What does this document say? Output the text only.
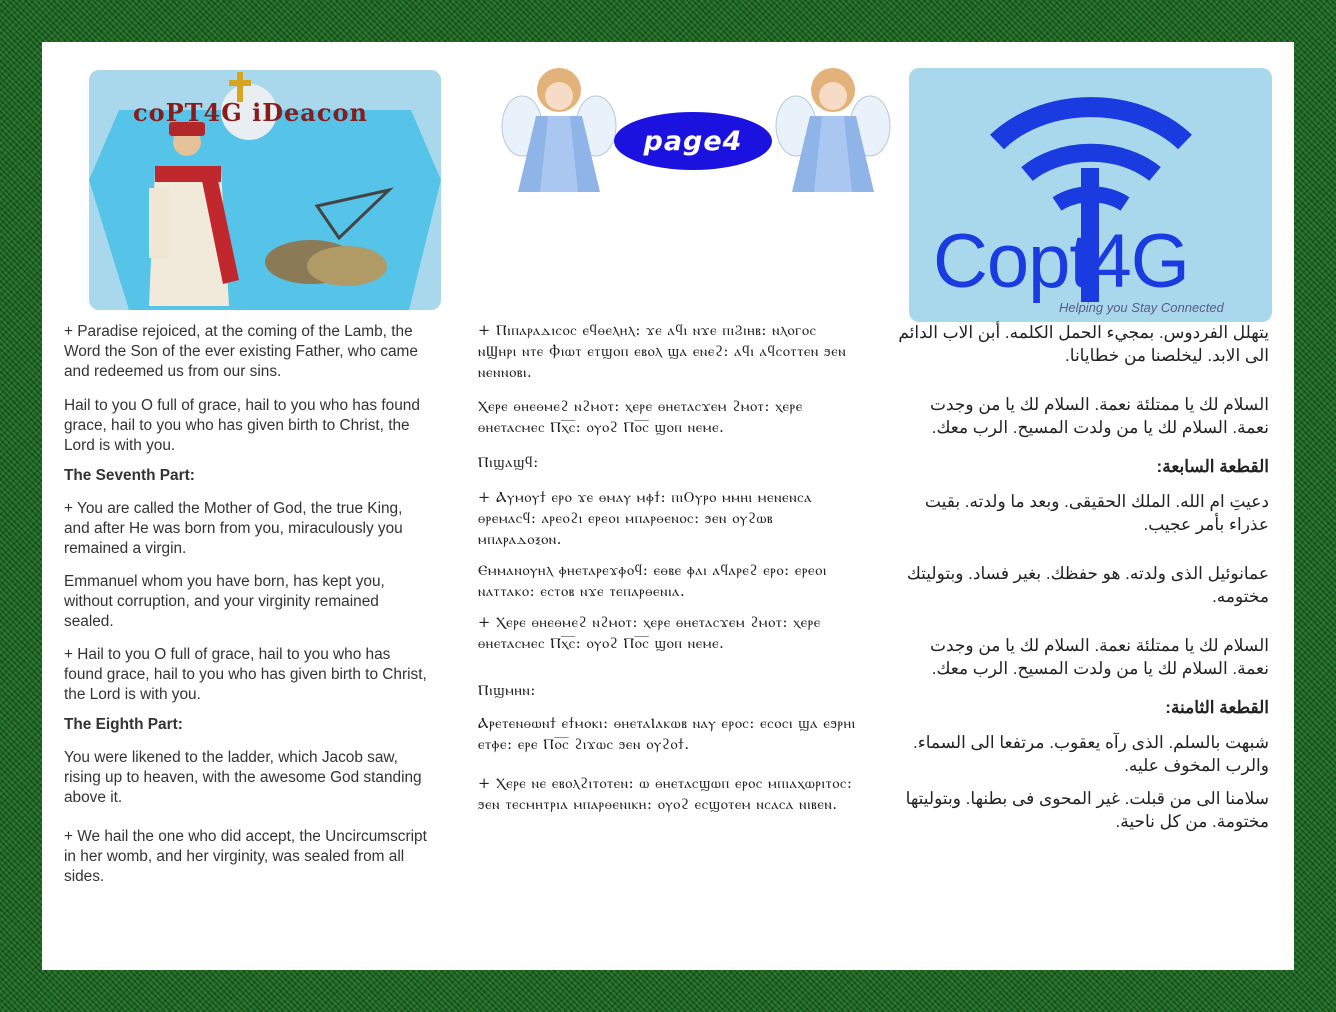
coPT4G iDeacon
page4
Copt4G
Helping you Stay Connected

+ Paradise rejoiced, at the coming of the Lamb, the Word the Son of the ever existing Father, who came and redeemed us from our sins.

Hail to you O full of grace, hail to you who has found grace, hail to you who has given birth to Christ, the Lord is with you.

The Seventh Part:

+ You are called the Mother of God, the true King, and after He was born from you, miraculously you remained a virgin.

Emmanuel whom you have born, has kept you, without corruption, and your virginity remained sealed.

+ Hail to you O full of grace, hail to you who has found grace, hail to you who has given birth to Christ, the Lord is with you.

The Eighth Part:

You were likened to the ladder, which Jacob saw, rising up to heaven, with the awesome God standing above it.

+ We hail the one who did accept, the Uncircumscript in her womb, and her virginity, was sealed from all sides.

+ Ⲡⲓⲡⲁⲣⲁⲇⲓⲥⲟⲥ ⲉϥⲑⲉⲗⲏⲗ: ϫⲉ ⲁϥⲓ ⲛϫⲉ ⲡⲓϨⲓⲏⲃ: ⲛⲗⲟⲅⲟⲥ ⲛϢⲏⲣⲓ ⲛⲧⲉ Ⲫⲓⲱⲧ ⲉⲧϣⲟⲡ ⲉⲃⲟⲗ ϣⲁ ⲉⲛⲉϩ: ⲁϥⲓ ⲁϥⲥⲟⲧⲧⲉⲛ ϧⲉⲛ ⲛⲉⲛⲛⲟⲃⲓ.

Ⲭⲉⲣⲉ ⲑⲏⲉⲑⲙⲉϩ ⲛϩⲙⲟⲧ: ⲭⲉⲣⲉ ⲑⲏⲉⲧⲁⲥϫⲉⲙ ϩⲙⲟⲧ: ⲭⲉⲣⲉ ⲑⲏⲉⲧⲁⲥⲙⲉⲥ Ⲡⲭ̅ⲥ̅: ⲟⲩⲟϩ Ⲡⲟ̅ⲥ̅ ϣⲟⲡ ⲛⲉⲙⲉ.

Ⲡⲓϣⲁϣϥ:

+ Ⲁⲩⲙⲟⲩϯ ⲉⲣⲟ ϫⲉ ⲑⲙⲁⲩ ⲙⲫϯ: ⲡⲓⲞⲩⲣⲟ ⲙⲙⲏⲓ ⲙⲉⲛⲉⲛⲥⲁ ⲑⲣⲉⲙⲁⲥϥ: ⲁⲣⲉⲟϩⲓ ⲉⲣⲉⲟⲓ ⲙⲡⲁⲣⲑⲉⲛⲟⲥ: ϧⲉⲛ ⲟⲩϩⲱⲃ ⲙⲡⲁⲣⲁⲇⲟⲝⲟⲛ.

Ⲉⲙⲙⲁⲛⲟⲩⲏⲗ ⲫⲏⲉⲧⲁⲣⲉϫⲫⲟϥ: ⲉⲑⲃⲉ ⲫⲁⲓ ⲁϥⲁⲣⲉϩ ⲉⲣⲟ: ⲉⲣⲉⲟⲓ ⲛⲁⲧⲧⲁⲕⲟ: ⲉⲥⲧⲟⲃ ⲛϫⲉ ⲧⲉⲡⲁⲣⲑⲉⲛⲓⲁ.

+ Ⲭⲉⲣⲉ ⲑⲏⲉⲑⲙⲉϩ ⲛϩⲙⲟⲧ: ⲭⲉⲣⲉ ⲑⲏⲉⲧⲁⲥϫⲉⲙ ϩⲙⲟⲧ: ⲭⲉⲣⲉ ⲑⲏⲉⲧⲁⲥⲙⲉⲥ Ⲡⲭ̅ⲥ̅: ⲟⲩⲟϩ Ⲡⲟ̅ⲥ̅ ϣⲟⲡ ⲛⲉⲙⲉ.

Ⲡⲓϣⲙⲏⲛ:

Ⲁⲣⲉⲧⲉⲛⲑⲱⲛϯ ⲉϯⲙⲟⲕⲓ: ⲑⲏⲉⲧⲁⲒⲁⲕⲱⲃ ⲛⲁⲩ ⲉⲣⲟⲥ: ⲉⲥⲟⲥⲓ ϣⲁ ⲉϧⲣⲏⲓ ⲉⲧⲫⲉ: ⲉⲣⲉ Ⲡⲟ̅ⲥ̅ ϩⲓϫⲱⲥ ϧⲉⲛ ⲟⲩϩⲟϯ.

+ Ⲭⲉⲣⲉ ⲛⲉ ⲉⲃⲟⲗϩⲓⲧⲟⲧⲉⲛ: ⲱ ⲑⲏⲉⲧⲁⲥϣⲱⲡ ⲉⲣⲟⲥ ⲙⲡⲓⲁⲭⲱⲣⲓⲧⲟⲥ: ϧⲉⲛ ⲧⲉⲥⲙⲏⲧⲣⲓⲁ ⲙⲡⲁⲣⲑⲉⲛⲓⲕⲏ: ⲟⲩⲟϩ ⲉⲥϣⲟⲧⲉⲙ ⲛⲥⲁⲥⲁ ⲛⲓⲃⲉⲛ.

يتهلل الفردوس. بمجيء الحمل الكلمه. أبن الاب الدائم الى الابد. ليخلصنا من خطايانا.

السلام لك يا ممتلئة نعمة. السلام لك يا من وجدت نعمة. السلام لك يا من ولدت المسيح. الرب معك.

القطعة السابعة:

دعيتِ ام الله. الملك الحقيقى. وبعد ما ولدته. بقيت عذراء بأمر عجيب.

عمانوئيل الذى ولدته. هو حفظك. بغير فساد. وبتوليتك مختومه.

السلام لك يا ممتلئة نعمة. السلام لك يا من وجدت نعمة. السلام لك يا من ولدت المسيح. الرب معك.

القطعة الثامنة:

شبهت بالسلم. الذى رآه يعقوب. مرتفعا الى السماء. والرب المخوف عليه.

سلامنا الى من قبلت. غير المحوى فى بطنها. وبتوليتها مختومة. من كل ناحية.
